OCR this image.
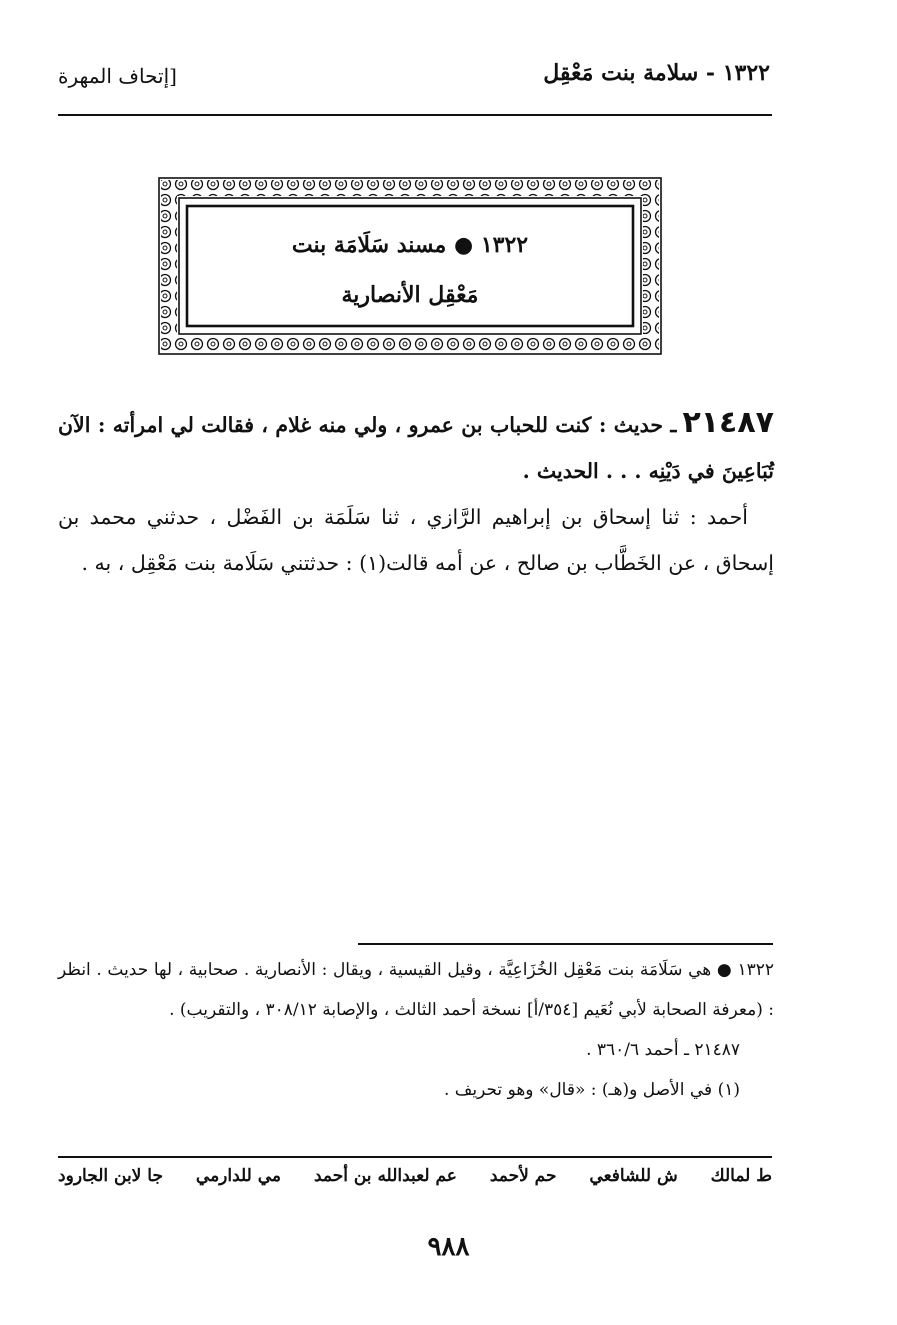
١٣٢٢ - سلامة بنت مَعْقِل
[إتحاف المهرة
١٣٢٢ ● مسند سَلَامَة بنت
مَعْقِل الأنصارية

٢١٤٨٧ـ حديث : كنت للحباب بن عمرو ، ولي منه غلام ، فقالت لي امرأته : الآن تُبَاعِينَ في دَيْنِه . . . الحديث .

أحمد : ثنا إسحاق بن إبراهيم الرَّازي ، ثنا سَلَمَة بن الفَضْل ، حدثني محمد بن إسحاق ، عن الخَطَّاب بن صالح ، عن أمه قالت(١) : حدثتني سَلَامة بنت مَعْقِل ، به .

١٣٢٢ ● هي سَلَامَة بنت مَعْقِل الخُزَاعِيَّة ، وقيل القيسية ، ويقال : الأنصارية . صحابية ، لها حديث . انظر : (معرفة الصحابة لأبي نُعَيم [٣٥٤/أ] نسخة أحمد الثالث ، والإصابة ٣٠٨/١٢ ، والتقريب) .

٢١٤٨٧ ـ أحمد ٣٦٠/٦ .

(١) في الأصل و(هـ) : «قال» وهو تحريف .

ط لمالك
ش للشافعي
حم لأحمد
عم لعبدالله بن أحمد
مي للدارمي
جا لابن الجارود
٩٨٨
